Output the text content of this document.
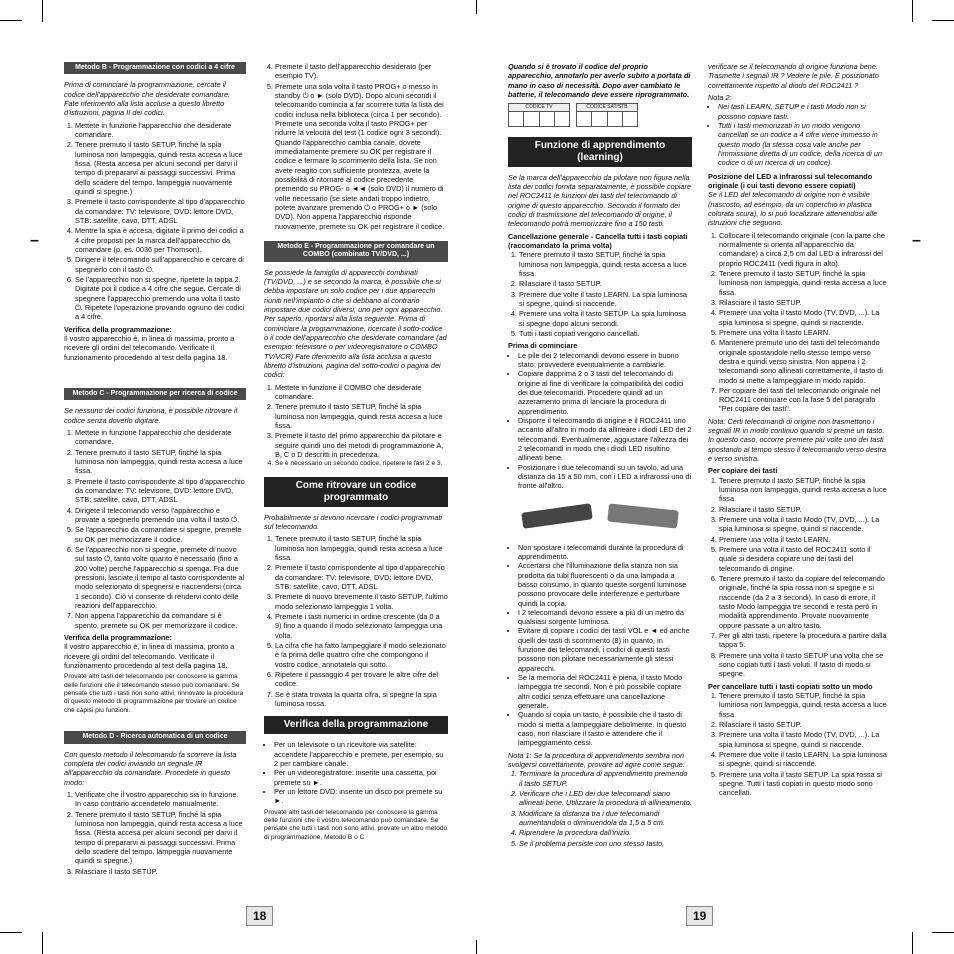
–	–
Metodo B - Programmazione con codici a 4 cifre

Prima di cominciare la programmazione, cercate il codice dell'apparecchio che desiderate comandare. Fate riferimento alla lista accluse a questo libretto d'istruzioni, pagina II dei codici.

1. Mettete in funzione l'apparecchio che desiderate comandare.
2. Tenere premuto il tasto SETUP, finché la spia luminosa non lampeggia, quindi resta accesa a luce fissa. (Resta accesa per alcuni secondi per darvi il tempo di prepararvi ai passaggi successivi. Prima dello scadere del tempo, lampeggia nuovamente quindi si spegne.)
3. Premete il tasto corrispondente al tipo d'apparecchio da comandare: TV: televisore, DVD: lettore DVD, STB: satellite, cavo, DTT, ADSL
4. Mentre la spia è accesa, digitate il primo dei codici a 4 cifre proposti per la marca dell'apparecchio da comandare (p. es. 0036 per Thomson).
5. Dirigere il telecomando sull'apparecchio e cercare di spegnerlo con il tasto ⏻.
6. Se l'apparecchio non si spegne, ripetete la tappa 2. Digitate poi il codice a 4 cifre che segue. Cercate di spegnere l'apparecchio premendo una volta il tasto ⏻. Ripetete l'operazione provando ognuno dei codici a 4 cifre.

Verifica della programmazione:

Il vostro apparecchio è, in linea di massima, pronto a ricevere gli ordini del telecomando. Verificate il funzionamento procedendo al test della pagina 18.

Metodo C - Programmazione per ricerca di codice

Se nessuno dei codici funziona, è possibile ritrovare il codice senza doverlo digitare.

1. Mettete in funzione l'apparecchio che desiderate comandare.
2. Tenere premuto il tasto SETUP, finché la spia luminosa non lampeggia, quindi resta accesa a luce fissa.
3. Premete il tasto corrispondente al tipo d'apparecchio da comandare: TV: televisore, DVD: lettore DVD, STB: satellite, cavo, DTT, ADSL
4. Dirigete il telecomando verso l'apparecchio e provate a spegnerlo premendo una volta il tasto ⏻.
5. Se l'apparecchio da comandare si spegne, premete su OK per memorizzare il codice.
6. Se l'apparecchio non si spegne, premete di nuovo sul tasto ⏻, tanto volte quanto è necessario (fino a 200 volte) perché l'apparecchio si spenga. Fra due pressioni, lasciate il tempo al tasto corrispondente al modo selezionato di spegnersi e riaccendersi (circa 1 secondo). Ciò vi consente di rendervi conto delle reazioni dell'apparecchio.
7. Non appena l'apparecchio da comandare si è spento, premete su OK per memorizzare il codice.

Verifica della programmazione:

Il vostro apparecchio è, in linea di massima, pronto a ricevere gli ordini del telecomando. Verificate il funzionamento procedendo al test della pagina 18.

Provate altri tasti del telecomando per conoscere la gamma delle funzioni che il telecomando stesso può comandare. Se pensate che tutti i tasti non sono attivi, rinnovate la procedura di questo metodo di programmazione per trovare un codice che capisi più funzioni.

Metodo D - Ricerca automatica di un codice

Con questo metodo il telecomando fa scorrere la lista completa dei codici inviando un segnale IR all'apparecchio da comandare. Procedete in questo modo:

1. Verificate che il vostro apparecchio sia in funzione. In caso contrario accendetelo manualmente.
2. Tenere premuto il tasto SETUP, finché la spia luminosa non lampeggia, quindi resta accesa a luce fissa. (Resta accesa per alcuni secondi per darvi il tempo di prepararvi ai passaggi successivi. Prima dello scadere del tempo, lampeggia nuovamente quindi si spegne.)
3. Rilasciare il tasto SETUP.
4. Premete il tasto dell'apparecchio desiderato (per esempio TV).
5. Premete una sola volta il tasto PROG+ o messo in standby ⏻ o ► (solo DVD). Dopo alcuni secondi il telecomando comincia a far scorrere tutta la lista dei codici inclusa nella biblioteca (circa 1 per secondo). Premete una seconda volta il tasto PROG+ per ridurre la velocità del test (1 codice ogni 3 secondi). Quando l'apparecchio cambia canale, dovete immediatamente premere su OK per registrare il codice e fermare lo scorrimento della lista. Se non avete reagito con sufficiente prontezza, avete la possibilità di ritornare al codice precedente premendo su PROG- o ◄◄ (solo DVD) il numero di volte necessario (se siete andati troppo indietro, potete avanzare premendo ⏻ o PROG+ o ► (solo DVD). Non appena l'apparecchio risponde nuovamente, premete su OK per registrare il codice.
Metodo E - Programmazione per comandare un COMBO (combinato TV/DVD, ...)

Se possiede la famiglia di apparecchi combinati (TV/DVD, ...) e se secondo la marca, è possibile che si debba impostare un solo codice per i due apparecchi riuniti nell'impianto o che si debbano al contrario impostare due codici diversi, uno per ogni apparecchio. Per saperlo, riportarsi alla lista seguente. Prima di cominciare la programmazione, ricercate il sotto-codice o il code dell'apparecchio che desiderate comandare (ad esempio: televisore o per videoregistratore o COMBO TV/VCR) Fate riferimento alla lista acclusa a questo libretto d'istruzioni, pagina del sotto-codici o pagina dei codici:

1. Mettete in funzione il COMBO che desiderate comandare.
2. Tenere premuto il tasto SETUP, finché la spia luminosa non lampeggia, quindi resta accesa a luce fissa.
3. Premete il tasto del primo apparecchio da pilotare e seguire quindi uno dei metodi di programmazione A, B, C o D descritti in precedenza.
4. Se è necessario un secondo codice, ripetere le fasi 2 e 3.
Come ritrovare un codice programmato

Probabilmente si devono ricercare i codici programmati sul telecomando.

1. Tenere premuto il tasto SETUP, finché la spia luminosa non lampeggia, quindi resta accesa a luce fissa.
2. Premete il tasto corrispondente al tipo d'apparecchio da comandare: TV: televisore, DVD: lettore DVD, STB: satellite, cavo, DTT, ADSL
3. Premete di nuovo brevemente il tasto SETUP, l'ultimo modo selezionato lampeggia 1 volta.
4. Premete i tasti numerici in ordine crescente (da 0 a 9) fino a quando il modo selezionato lampeggia una volta.
5. La cifra che ha fatto lampeggiare il modo selezionato è la prima delle quattro cifre che compongono il vostro codice, annotatela qui sotto.
6. Ripetere il passaggio 4 per trovare le altre cifre del codice.
7. Se è stata trovata la quarta cifra, si spegne la spia luminosa rossa.
Verifica della programmazione
• Per un televisore o un ricevitore via satellite: accendete l'apparecchio e premete, per esempio, su 2 per cambiare canale.
• Per un videoregistratore: inserite una cassetta, poi premete su ►.
• Per un lettore DVD: inserite un disco poi premete su ►.

Provate altri tasti del telecomando per conoscere la gamma delle funzioni che il vostro telecomando può comandare. Se pensate che tutti i tasti non sono attivi, provate un altro metodo di programmazione, Metodo B o C

Quando si è trovato il codice del proprio apparecchio, annotarlo per averlo subito a portata di mano in caso di necessità. Dopo aver cambiato le batterie, il telecomando deve essere riprogrammato.

CODICE TV	CODICE SAT/STB
Funzione di apprendimento (learning)

Se la marca dell'apparecchio da pilotare non figura nella lista dei codici fornita separatamente, è possibile copiare nel ROC2411 le funzioni dei tasti del telecomando di origine di questo apparecchio. Secondo il formato dei codici di trasmissione del telecomando di origine, il telecomando potrà memorizzare fino a 150 tasti.

Cancellazione generale - Cancella tutti i tasti copiati (raccomandato la prima volta)

1. Tenere premuto il tasto SETUP, finché la spia luminosa non lampeggia, quindi resta accesa a luce fissa.
2. Rilasciare il tasto SETUP.
3. Premere due volte il tasto LEARN. La spia luminosa si spegne, quindi si riaccende.
4. Premere una volta il tasto SETUP. La spia luminosa si spegne dopo alcuni secondi.
5. Tutti i tasti copiati vengono cancellati.

Prima di cominciare

• Le pile dei 2 telecomandi devono essere in buono stato; provvedere eventualmente a cambiarle.
• Copiare dapprima 2 o 3 tasti del telecomando di origine al fine di verificare la compatibilità dei codici dei due telecomandi. Procedere quindi ad un azzeramento prima di lanciare la procedura di apprendimento.
• Disporre il telecomando di origine e il ROC2411 uno accanto all'altro in modo da allineare i diodi LED dei 2 telecomandi. Eventualmente, aggiustare l'altezza dei 2 telecomandi in modo che i diodi LED risultino allineati bene.
• Posizionare i due telecomandi su un tavolo, ad una distanza da 15 a 50 mm, con i LED a infrarossi uno di fronte all'altro.
• Non spostare i telecomandi durante la procedura di apprendimento.
• Accertarsi che l'illuminazione della stanza non sia prodotta da tubi fluorescenti o da una lampada a basso consumo, in quanto queste sorgenti luminose possono provocare delle interferenze e perturbare quindi la copia.
• I 2 telecomandi devono essere a più di un metro da qualsiasi sorgente luminosa.
• Evitare di copiare i codici dei tasti VOL e ◄ ed anche quelli dei tasti di scorrimento (8) in quanto, in funzione dei telecomandi, i codici di questi tasti possono non pilotare necessariamente gli stessi apparecchi.
• Se la memoria del ROC2411 è piena, il tasto Modo lampeggia tre secondi. Non è più possibile copiare altri codici senza effettuare una cancellazione generale.
• Quando si copia un tasto, è possibile che il tasto di modo si metta a lampeggiare debolmente. In questo caso, non rilasciare il tasto e attendere che il lampeggiamento cessi.

Nota 1: Se la procedura di apprendimento sembra non svolgersi correttamente, provare ad agire come segue:

1. Terminare la procedura di apprendimento premendo il tasto SETUP.
2. Verificare che i LED dei due telecomandi siano allineati bene. Utilizzare la procedura di allineamento.
3. Modificare la distanza tra i due telecomandi aumentandola o diminuendola da 1,5 a 5 cm.
4. Riprendere la procedura dall'inizio.
5. Se il problema persiste con uno stesso tasto,

verificare se il telecomando di origine funziona bene. Trasmette i segnali IR ? Vedere le pile. È posizionato correttamente rispetto al diodo del ROC2411 ?

Nota 2:

• Nei tasti LEARN, SETUP e i tasti Modo non si possono copiare tasti.
• Tutti i tasti memorizzati in un modo vengono cancellati se un codice a 4 cifre viene immesso in questo modo (la stessa cosa vale anche per l'immissione diretta di un codice, della ricerca di un codice o di un ricerca di un codice).

Posizione del LED a infrarossi sul telecomando originale (i cui tasti devono essere copiati)

Se il LED del telecomando di origine non è visibile (nascosto, ad esempio, da un coperchio in plastica colorata scura), lo si può localizzare attenendosi alle istruzioni che seguono.

1. Collocare il telecomando originale (con la parte che normalmente si orienta all'apparecchio da comandare) a circa 2,5 cm dal LED a infrarossi del proprio ROC2411 (vedi figura in alto).
2. Tenere premuto il tasto SETUP, finché la spia luminosa non lampeggia, quindi resta accesa a luce fissa.
3. Rilasciare il tasto SETUP.
4. Premere una volta il tasto Modo (TV, DVD, ...). La spia luminosa si spegne, quindi si riaccende.
5. Premere una volta il tasto LEARN.
6. Mantenere premuto uno dei tasti del telecomando originale spostandole nello stesso tempo verso destra e quindi verso sinistra. Non appena i 2 telecomandi sono allineati correttamente, il tasto di modo si mette a lampeggiare in modo rapido.
7. Per copiare dei tasti del telecomando originale nel ROC2411 continuare con la fase 5 del paragrafo "Per copiare dei tasti".

Nota: Certi telecomandi di origine non trasmettono i segnali IR in modo continuo quando si preme un tasto. In questo caso, occorre premere più volte uno dei tasti spostando al tempo stesso il telecomando verso destra e verso sinistra.

Per copiare dei tasti

1. Tenere premuto il tasto SETUP, finché la spia luminosa non lampeggia, quindi resta accesa a luce fissa.
2. Rilasciare il tasto SETUP.
3. Premere una volta il tasto Modo (TV, DVD, ...). La spia luminosa si spegne, quindi si riaccende.
4. Premere una volta il tasto LEARN.
5. Premere una volta il tasto del ROC2411 sotto il quale si desidera copiare uno dei tasti del telecomando di origine.
6. Tenere premuto il tasto da copiare del telecomando originale, finché la spia rossa non si spegne e si riaccende (da 2 a 3 secondi). In caso di errore, il tasto Modo lampeggia tre secondi e resta però in modalità apprendimento. Provate nuovamente oppure passate a un altro tasto.
7. Per gli altri tasti, ripetere la procedura a partire dalla tappa 5.
8. Premere una volta il tasto SETUP una volta che se sono copiati tutti i tasti voluti. Il tasto di modo si spegne.

Per cancellare tutti i tasti copiati sotto un modo

1. Tenere premuto il tasto SETUP, finché la spia luminosa non lampeggia, quindi resta accesa a luce fissa.
2. Rilasciare il tasto SETUP.
3. Premere una volta il tasto Modo (TV, DVD, ...). La spia luminosa si spegne, quindi si riaccende.
4. Premere due volte il tasto LEARN. La spia luminosa si spegne, quindi si riaccende.
5. Premere una volta il tasto SETUP. La spia rossa si spegne. Tutti i tasti copiati in questo modo sono cancellati.
18	19
